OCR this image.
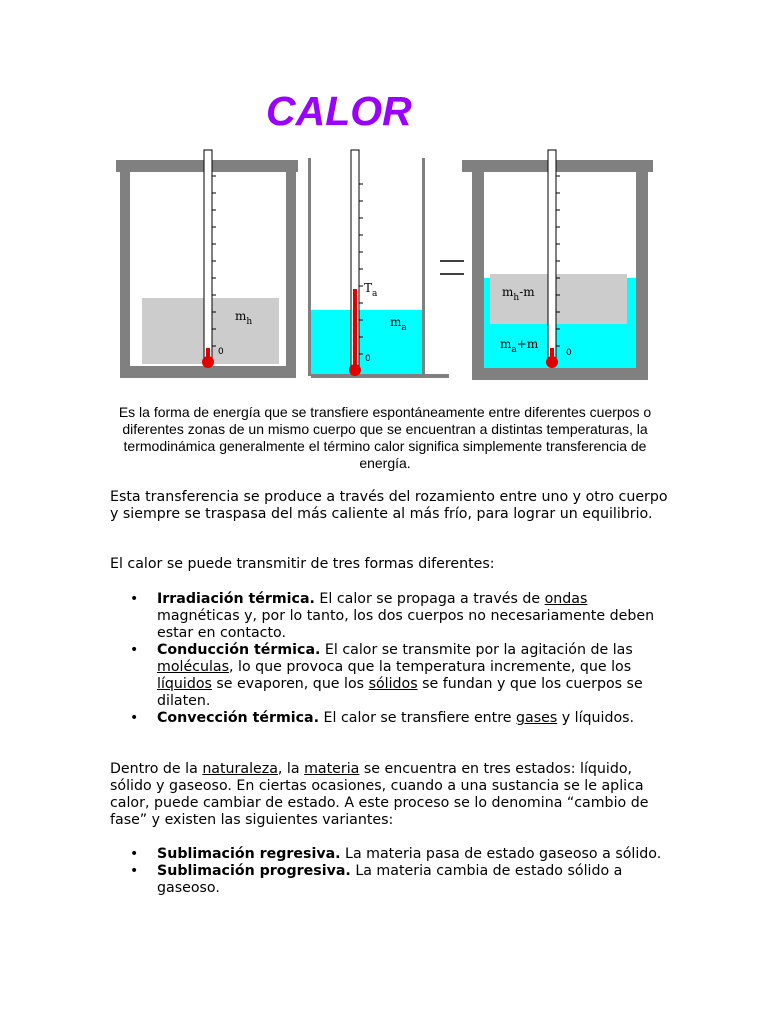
CALOR
$m_h$
0
$T_a$
$m_a$
0
$m_h-m$
$m_a+m$
0
Es la forma de energía que se transfiere espontáneamente entre diferentes cuerpos o diferentes zonas de un mismo cuerpo que se encuentran a distintas temperaturas, la termodinámica generalmente el término calor significa simplemente transferencia de energía.

Esta transferencia se produce a través del rozamiento entre uno y otro cuerpo y siempre se traspasa del más caliente al más frío, para lograr un equilibrio.

El calor se puede transmitir de tres formas diferentes:

• Irradiación térmica. El calor se propaga a través de ondas magnéticas y, por lo tanto, los dos cuerpos no necesariamente deben estar en contacto.
• Conducción térmica. El calor se transmite por la agitación de las moléculas, lo que provoca que la temperatura incremente, que los líquidos se evaporen, que los sólidos se fundan y que los cuerpos se dilaten.
• Convección térmica. El calor se transfiere entre gases y líquidos.

Dentro de la naturaleza, la materia se encuentra en tres estados: líquido, sólido y gaseoso. En ciertas ocasiones, cuando a una sustancia se le aplica calor, puede cambiar de estado. A este proceso se lo denomina “cambio de fase” y existen las siguientes variantes:

• Sublimación regresiva. La materia pasa de estado gaseoso a sólido.
• Sublimación progresiva. La materia cambia de estado sólido a gaseoso.
